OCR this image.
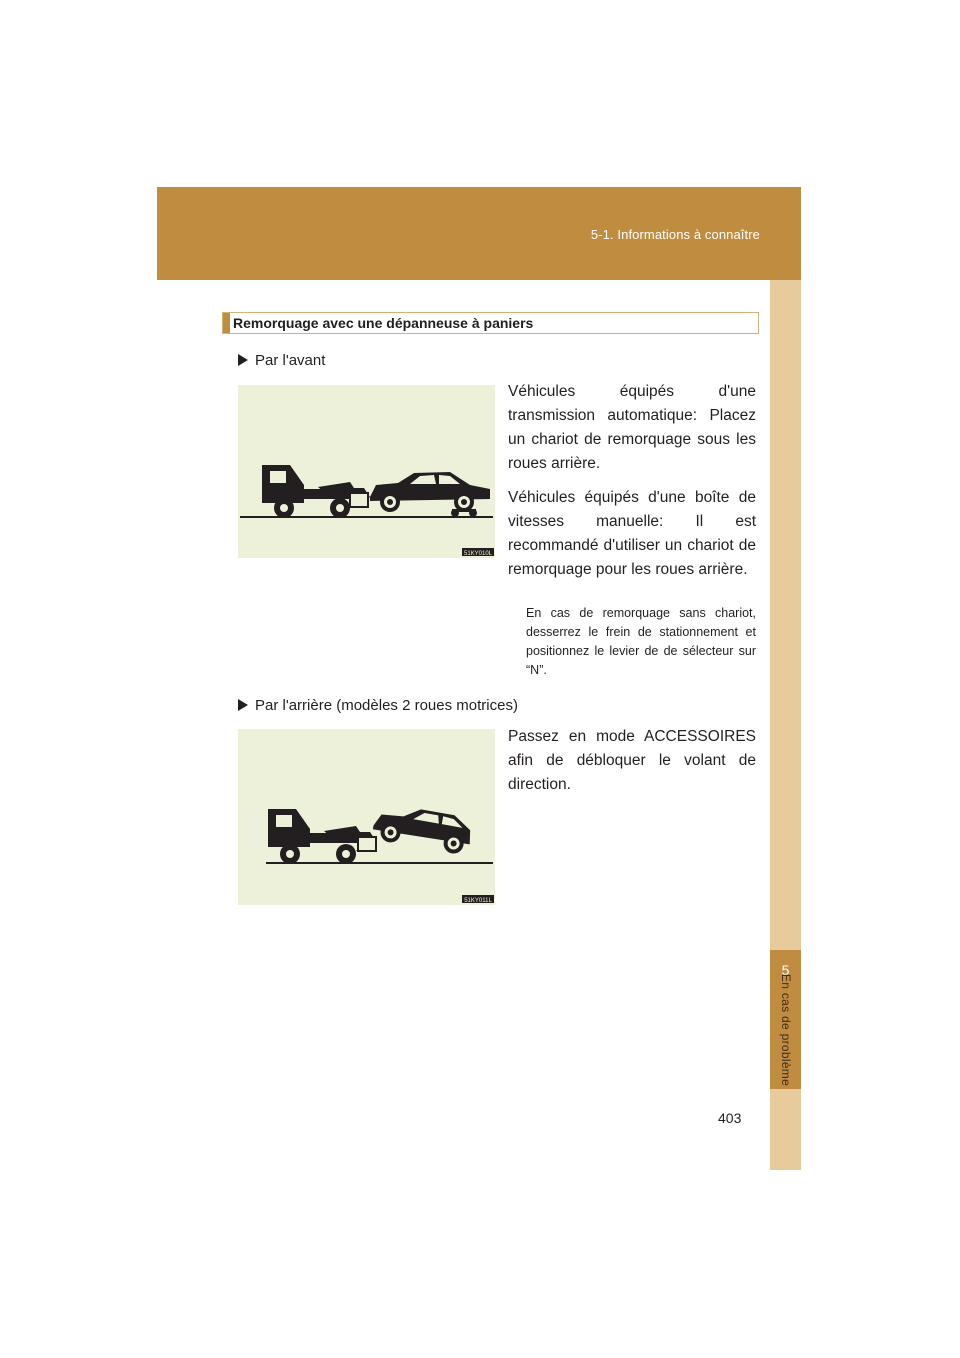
5-1. Informations à connaître
5
En cas de problème
Remorquage avec une dépanneuse à paniers
Par l'avant
51KY010L

Véhicules équipés d'une transmission automatique: Placez un chariot de remorquage sous les roues arrière.

Véhicules équipés d'une boîte de vitesses manuelle: Il est recommandé d'utiliser un chariot de remorquage pour les roues arrière.

En cas de remorquage sans chariot, desserrez le frein de stationnement et positionnez le levier de de sélecteur sur “N”.
Par l'arrière (modèles 2 roues motrices)
51KY011L

Passez en mode ACCESSOIRES afin de débloquer le volant de direction.

403
